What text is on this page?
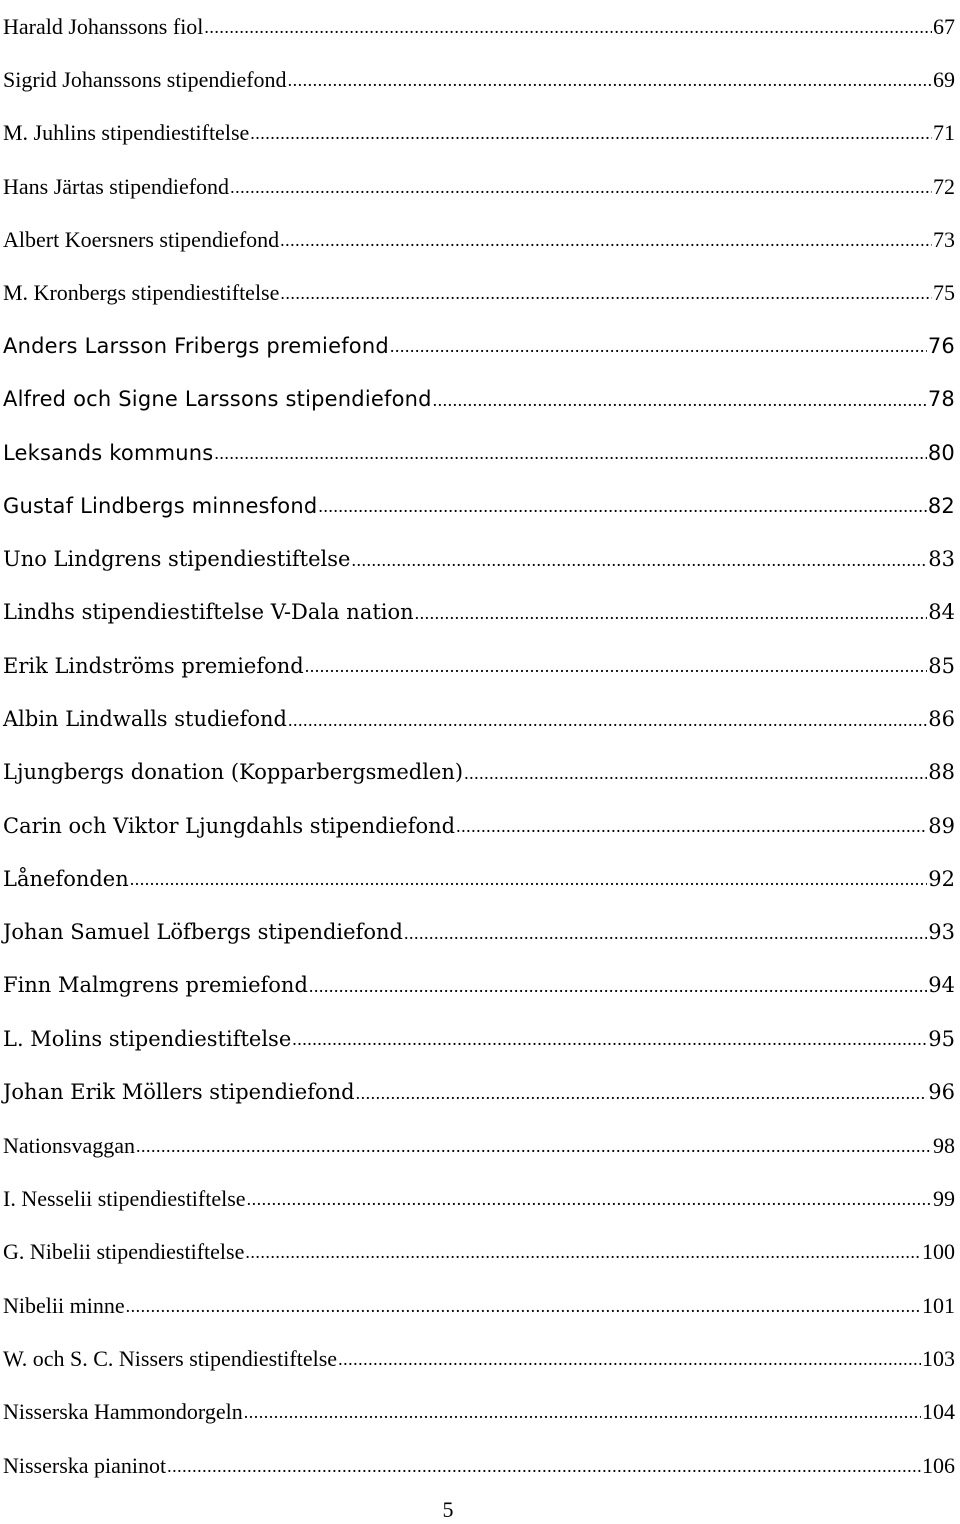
Harald Johanssons fiol .....	67
Sigrid Johanssons stipendiefond .....	69
M. Juhlins stipendiestiftelse .....	71
Hans Järtas stipendiefond .....	72
Albert Koersners stipendiefond .....	73
M. Kronbergs stipendiestiftelse .....	75
Anders Larsson Fribergs premiefond .....	76
Alfred och Signe Larssons stipendiefond .....	78
Leksands kommuns .....	80
Gustaf Lindbergs minnesfond .....	82
Uno Lindgrens stipendiestiftelse .....	83
Lindhs stipendiestiftelse V-Dala nation .....	84
Erik Lindströms premiefond .....	85
Albin Lindwalls studiefond .....	86
Ljungbergs donation (Kopparbergsmedlen) .....	88
Carin och Viktor Ljungdahls stipendiefond .....	89
Lånefonden .....	92
Johan Samuel Löfbergs stipendiefond .....	93
Finn Malmgrens premiefond .....	94
L. Molins stipendiestiftelse .....	95
Johan Erik Möllers stipendiefond .....	96
Nationsvaggan .....	98
I. Nesselii stipendiestiftelse .....	99
G. Nibelii stipendiestiftelse .....	100
Nibelii minne .....	101
W. och S. C. Nissers stipendiestiftelse .....	103
Nisserska Hammondorgeln .....	104
Nisserska pianinot .....	106
5
